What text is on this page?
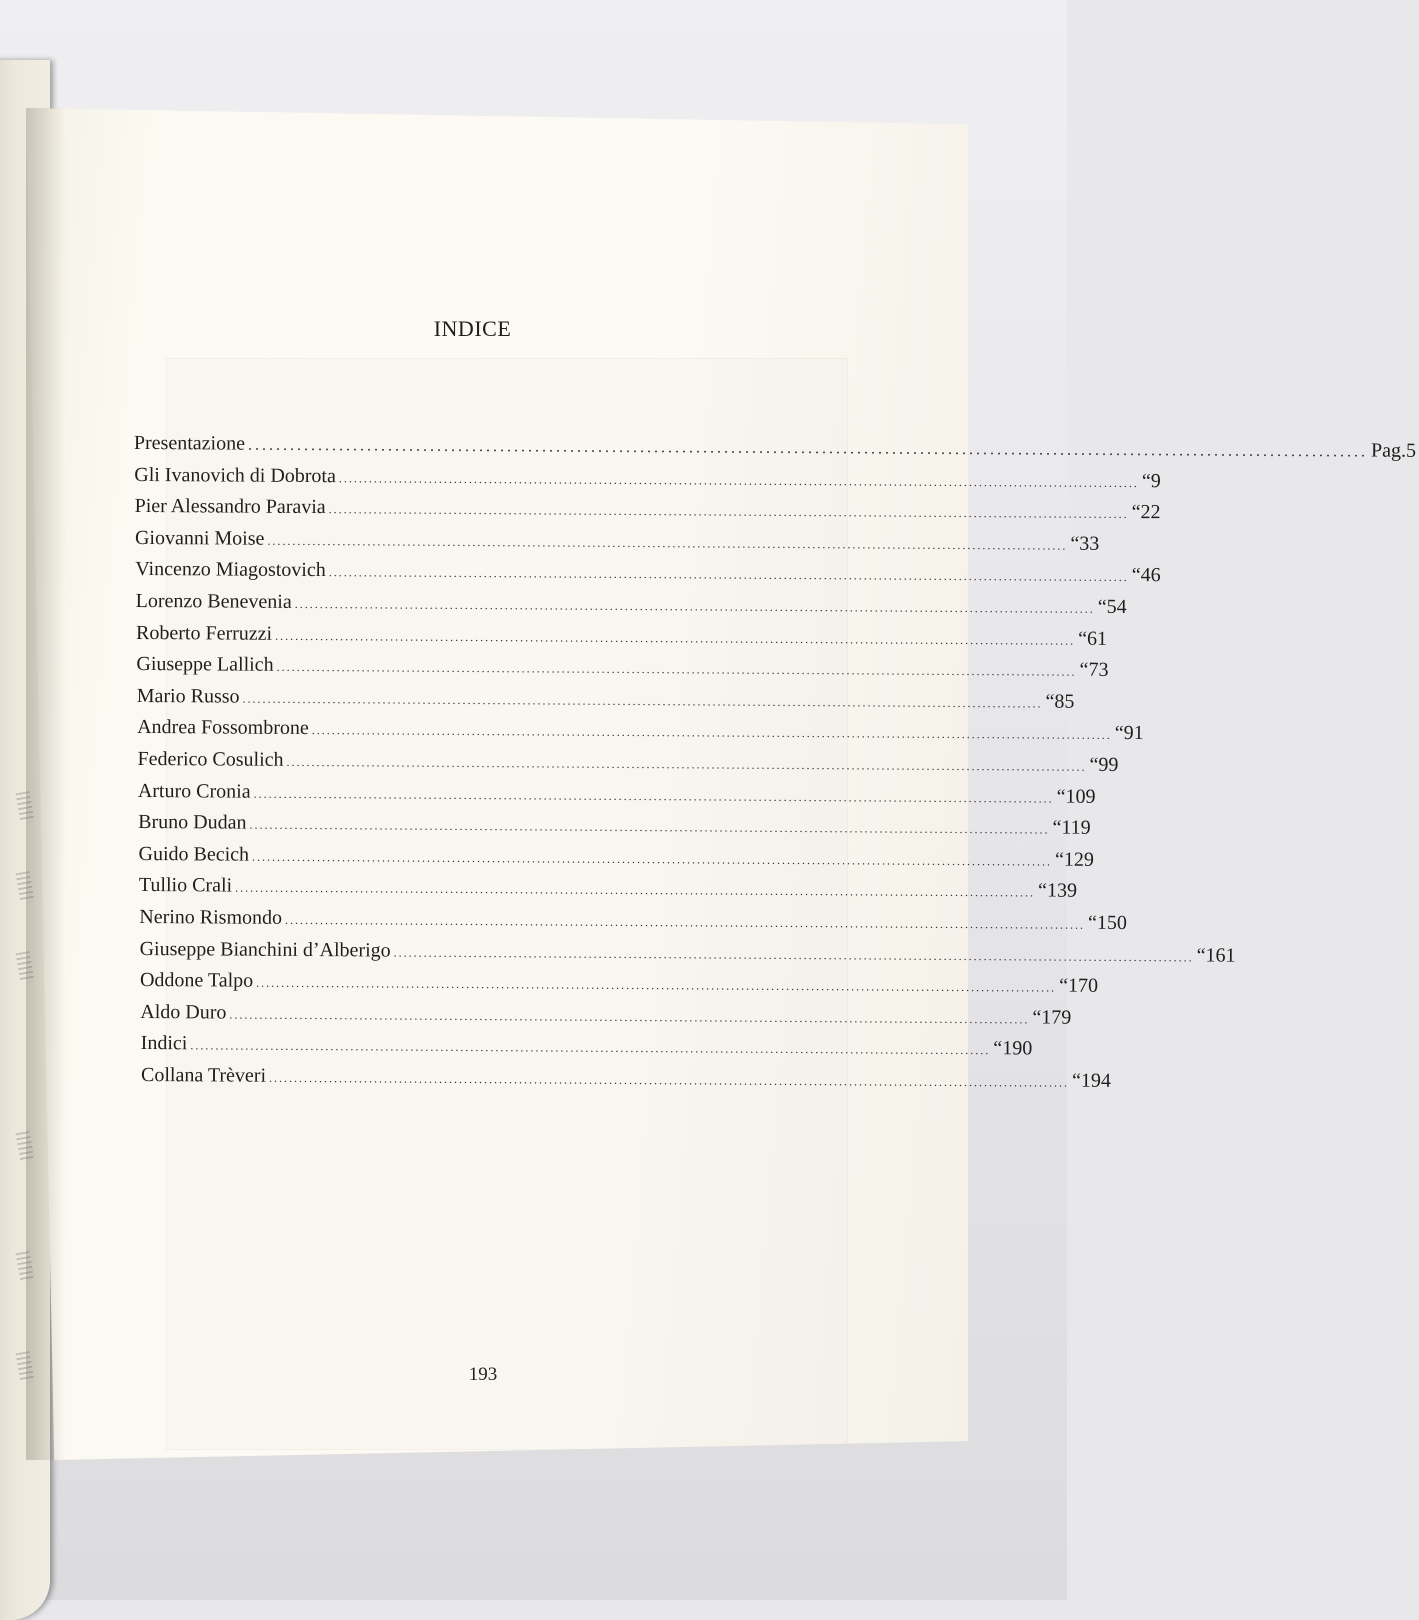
INDICE
Presentazione ................................................................................................................................................................ Pag. 5
Gli Ivanovich di Dobrota ................................................................................................................................................................ “ 9
Pier Alessandro Paravia ................................................................................................................................................................ “ 22
Giovanni Moise ................................................................................................................................................................ “ 33
Vincenzo Miagostovich ................................................................................................................................................................ “ 46
Lorenzo Benevenia ................................................................................................................................................................ “ 54
Roberto Ferruzzi ................................................................................................................................................................ “ 61
Giuseppe Lallich ................................................................................................................................................................ “ 73
Mario Russo ................................................................................................................................................................ “ 85
Andrea Fossombrone ................................................................................................................................................................ “ 91
Federico Cosulich ................................................................................................................................................................ “ 99
Arturo Cronia ................................................................................................................................................................ “ 109
Bruno Dudan ................................................................................................................................................................ “ 119
Guido Becich ................................................................................................................................................................ “ 129
Tullio Crali ................................................................................................................................................................ “ 139
Nerino Rismondo ................................................................................................................................................................ “ 150
Giuseppe Bianchini d’Alberigo ................................................................................................................................................................ “ 161
Oddone Talpo ................................................................................................................................................................ “ 170
Aldo Duro ................................................................................................................................................................ “ 179
Indici ................................................................................................................................................................ “ 190
Collana Trèveri ................................................................................................................................................................ “ 194
193
